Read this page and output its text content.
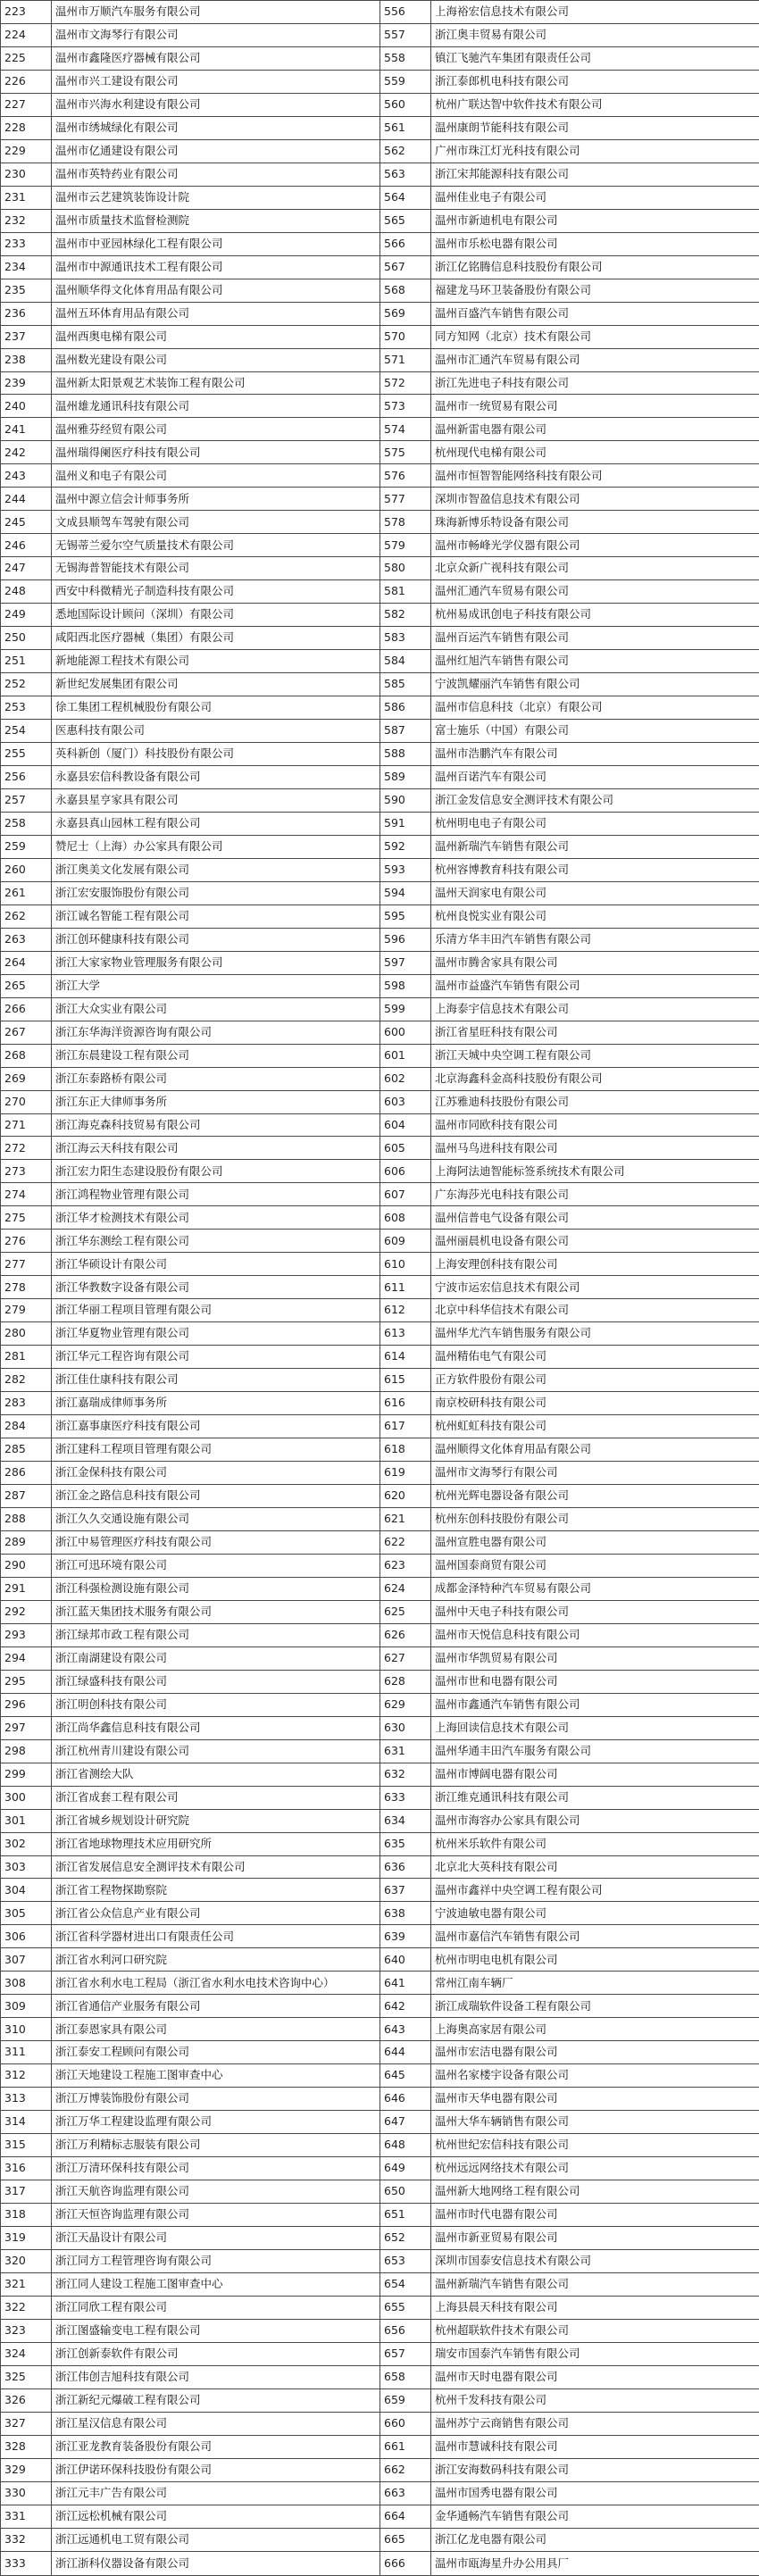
223	温州市万顺汽车服务有限公司	556	上海裕宏信息技术有限公司
224	温州市文海琴行有限公司	557	浙江奥丰贸易有限公司
225	温州市鑫隆医疗器械有限公司	558	镇江飞驰汽车集团有限责任公司
226	温州市兴工建设有限公司	559	浙江泰郎机电科技有限公司
227	温州市兴海水利建设有限公司	560	杭州广联达智中软件技术有限公司
228	温州市绣城绿化有限公司	561	温州康朗节能科技有限公司
229	温州市亿通建设有限公司	562	广州市珠江灯光科技有限公司
230	温州市英特药业有限公司	563	浙江宋邦能源科技有限公司
231	温州市云艺建筑装饰设计院	564	温州佳业电子有限公司
232	温州市质量技术监督检测院	565	温州市新迪机电有限公司
233	温州市中亚园林绿化工程有限公司	566	温州市乐松电器有限公司
234	温州市中源通讯技术工程有限公司	567	浙江亿铭腾信息科技股份有限公司
235	温州顺华得文化体育用品有限公司	568	福建龙马环卫装备股份有限公司
236	温州五环体育用品有限公司	569	温州百盛汽车销售有限公司
237	温州西奥电梯有限公司	570	同方知网（北京）技术有限公司
238	温州数光建设有限公司	571	温州市汇通汽车贸易有限公司
239	温州新太阳景观艺术装饰工程有限公司	572	浙江先进电子科技有限公司
240	温州雄龙通讯科技有限公司	573	温州市一统贸易有限公司
241	温州雅芬经贸有限公司	574	温州新雷电器有限公司
242	温州瑞得阑医疗科技有限公司	575	杭州现代电梯有限公司
243	温州义和电子有限公司	576	温州市恒智智能网络科技有限公司
244	温州中源立信会计师事务所	577	深圳市智盈信息技术有限公司
245	文成县顺驾车驾驶有限公司	578	珠海新博乐特设备有限公司
246	无锡蒂兰爱尔空气质量技术有限公司	579	温州市畅峰光学仪器有限公司
247	无锡海普智能技术有限公司	580	北京众新广视科技有限公司
248	西安中科微精光子制造科技有限公司	581	温州汇通汽车贸易有限公司
249	悉地国际设计顾问（深圳）有限公司	582	杭州易成讯创电子科技有限公司
250	咸阳西北医疗器械（集团）有限公司	583	温州百运汽车销售有限公司
251	新地能源工程技术有限公司	584	温州红旭汽车销售有限公司
252	新世纪发展集团有限公司	585	宁波凯耀丽汽车销售有限公司
253	徐工集团工程机械股份有限公司	586	温州市信息科技（北京）有限公司
254	医惠科技有限公司	587	富士施乐（中国）有限公司
255	英科新创（厦门）科技股份有限公司	588	温州市浩鹏汽车有限公司
256	永嘉县宏信科教设备有限公司	589	温州百诺汽车有限公司
257	永嘉县星亨家具有限公司	590	浙江金发信息安全测评技术有限公司
258	永嘉县真山园林工程有限公司	591	杭州明电电子有限公司
259	赞尼士（上海）办公家具有限公司	592	温州新瑞汽车销售有限公司
260	浙江奥美文化发展有限公司	593	杭州容博教育科技有限公司
261	浙江宏安服饰股份有限公司	594	温州天润家电有限公司
262	浙江诚名智能工程有限公司	595	杭州良悦实业有限公司
263	浙江创环健康科技有限公司	596	乐清方华丰田汽车销售有限公司
264	浙江大家家物业管理服务有限公司	597	温州市腾舍家具有限公司
265	浙江大学	598	温州市益盛汽车销售有限公司
266	浙江大众实业有限公司	599	上海泰宇信息技术有限公司
267	浙江东华海洋资源咨询有限公司	600	浙江省星旺科技有限公司
268	浙江东晨建设工程有限公司	601	浙江天城中央空调工程有限公司
269	浙江东泰路桥有限公司	602	北京海鑫科金高科技股份有限公司
270	浙江东正大律师事务所	603	江苏雅迪科技股份有限公司
271	浙江海克森科技贸易有限公司	604	温州市同欧科技有限公司
272	浙江海云天科技有限公司	605	温州马鸟进科技有限公司
273	浙江宏力阳生态建设股份有限公司	606	上海阿法迪智能标签系统技术有限公司
274	浙江鸿程物业管理有限公司	607	广东海莎光电科技有限公司
275	浙江华才检测技术有限公司	608	温州信普电气设备有限公司
276	浙江华东测绘工程有限公司	609	温州丽晨机电设备有限公司
277	浙江华硕设计有限公司	610	上海安理创科技有限公司
278	浙江华教数字设备有限公司	611	宁波市运宏信息技术有限公司
279	浙江华丽工程项目管理有限公司	612	北京中科华信技术有限公司
280	浙江华夏物业管理有限公司	613	温州华尤汽车销售服务有限公司
281	浙江华元工程咨询有限公司	614	温州精佑电气有限公司
282	浙江佳仕康科技有限公司	615	正方软件股份有限公司
283	浙江嘉瑞成律师事务所	616	南京校研科技有限公司
284	浙江嘉事康医疗科技有限公司	617	杭州虹虹科技有限公司
285	浙江建科工程项目管理有限公司	618	温州顺得文化体育用品有限公司
286	浙江金保科技有限公司	619	温州市文海琴行有限公司
287	浙江金之路信息科技有限公司	620	杭州光辉电器设备有限公司
288	浙江久久交通设施有限公司	621	杭州东创科技股份有限公司
289	浙江中易管理医疗科技有限公司	622	温州宣胜电器有限公司
290	浙江可迅环境有限公司	623	温州国泰商贸有限公司
291	浙江科强检测设施有限公司	624	成都金泽特种汽车贸易有限公司
292	浙江蓝天集团技术服务有限公司	625	温州中天电子科技有限公司
293	浙江绿邦市政工程有限公司	626	温州市天悦信息科技有限公司
294	浙江南湖建设有限公司	627	温州市华凯贸易有限公司
295	浙江绿盛科技有限公司	628	温州市世和电器有限公司
296	浙江明创科技有限公司	629	温州市鑫通汽车销售有限公司
297	浙江尚华鑫信息科技有限公司	630	上海回读信息技术有限公司
298	浙江杭州青川建设有限公司	631	温州华通丰田汽车服务有限公司
299	浙江省测绘大队	632	温州市博阔电器有限公司
300	浙江省成套工程有限公司	633	浙江维克通讯科技有限公司
301	浙江省城乡规划设计研究院	634	温州市海容办公家具有限公司
302	浙江省地球物理技术应用研究所	635	杭州米乐软件有限公司
303	浙江省发展信息安全测评技术有限公司	636	北京北大英科技有限公司
304	浙江省工程物探勘察院	637	温州市鑫祥中央空调工程有限公司
305	浙江省公众信息产业有限公司	638	宁波迪敏电器有限公司
306	浙江省科学器材进出口有限责任公司	639	温州市嘉信汽车销售有限公司
307	浙江省水利河口研究院	640	杭州市明电电机有限公司
308	浙江省水利水电工程局（浙江省水利水电技术咨询中心）	641	常州江南车辆厂
309	浙江省通信产业服务有限公司	642	浙江成瑞软件设备工程有限公司
310	浙江泰恩家具有限公司	643	上海奥高家居有限公司
311	浙江泰安工程顾问有限公司	644	温州市宏洁电器有限公司
312	浙江天地建设工程施工图审查中心	645	温州名家楼宇设备有限公司
313	浙江万博装饰股份有限公司	646	温州市天华电器有限公司
314	浙江万华工程建设监理有限公司	647	温州大华车辆销售有限公司
315	浙江万利精标志服装有限公司	648	杭州世纪宏信科技有限公司
316	浙江万清环保科技有限公司	649	杭州远远网络技术有限公司
317	浙江天航咨询监理有限公司	650	温州新大地网络工程有限公司
318	浙江天恒咨询监理有限公司	651	温州市时代电器有限公司
319	浙江天晶设计有限公司	652	温州市新亚贸易有限公司
320	浙江同方工程管理咨询有限公司	653	深圳市国泰安信息技术有限公司
321	浙江同人建设工程施工图审查中心	654	温州新瑞汽车销售有限公司
322	浙江同欣工程有限公司	655	上海县晨天科技有限公司
323	浙江图盛输变电工程有限公司	656	杭州超联软件技术有限公司
324	浙江创新泰软件有限公司	657	瑞安市国泰汽车销售有限公司
325	浙江伟创吉旭科技有限公司	658	温州市天时电器有限公司
326	浙江新纪元爆破工程有限公司	659	杭州千发科技有限公司
327	浙江星汉信息有限公司	660	温州苏宁云商销售有限公司
328	浙江亚龙教育装备股份有限公司	661	温州市慧诚科技有限公司
329	浙江伊诺环保科技股份有限公司	662	浙江安海数码科技有限公司
330	浙江元丰广告有限公司	663	温州市国秀电器有限公司
331	浙江远松机械有限公司	664	金华通畅汽车销售有限公司
332	浙江远通机电工贸有限公司	665	浙江亿龙电器有限公司
333	浙江浙科仪器设备有限公司	666	温州市瓯海星升办公用具厂
